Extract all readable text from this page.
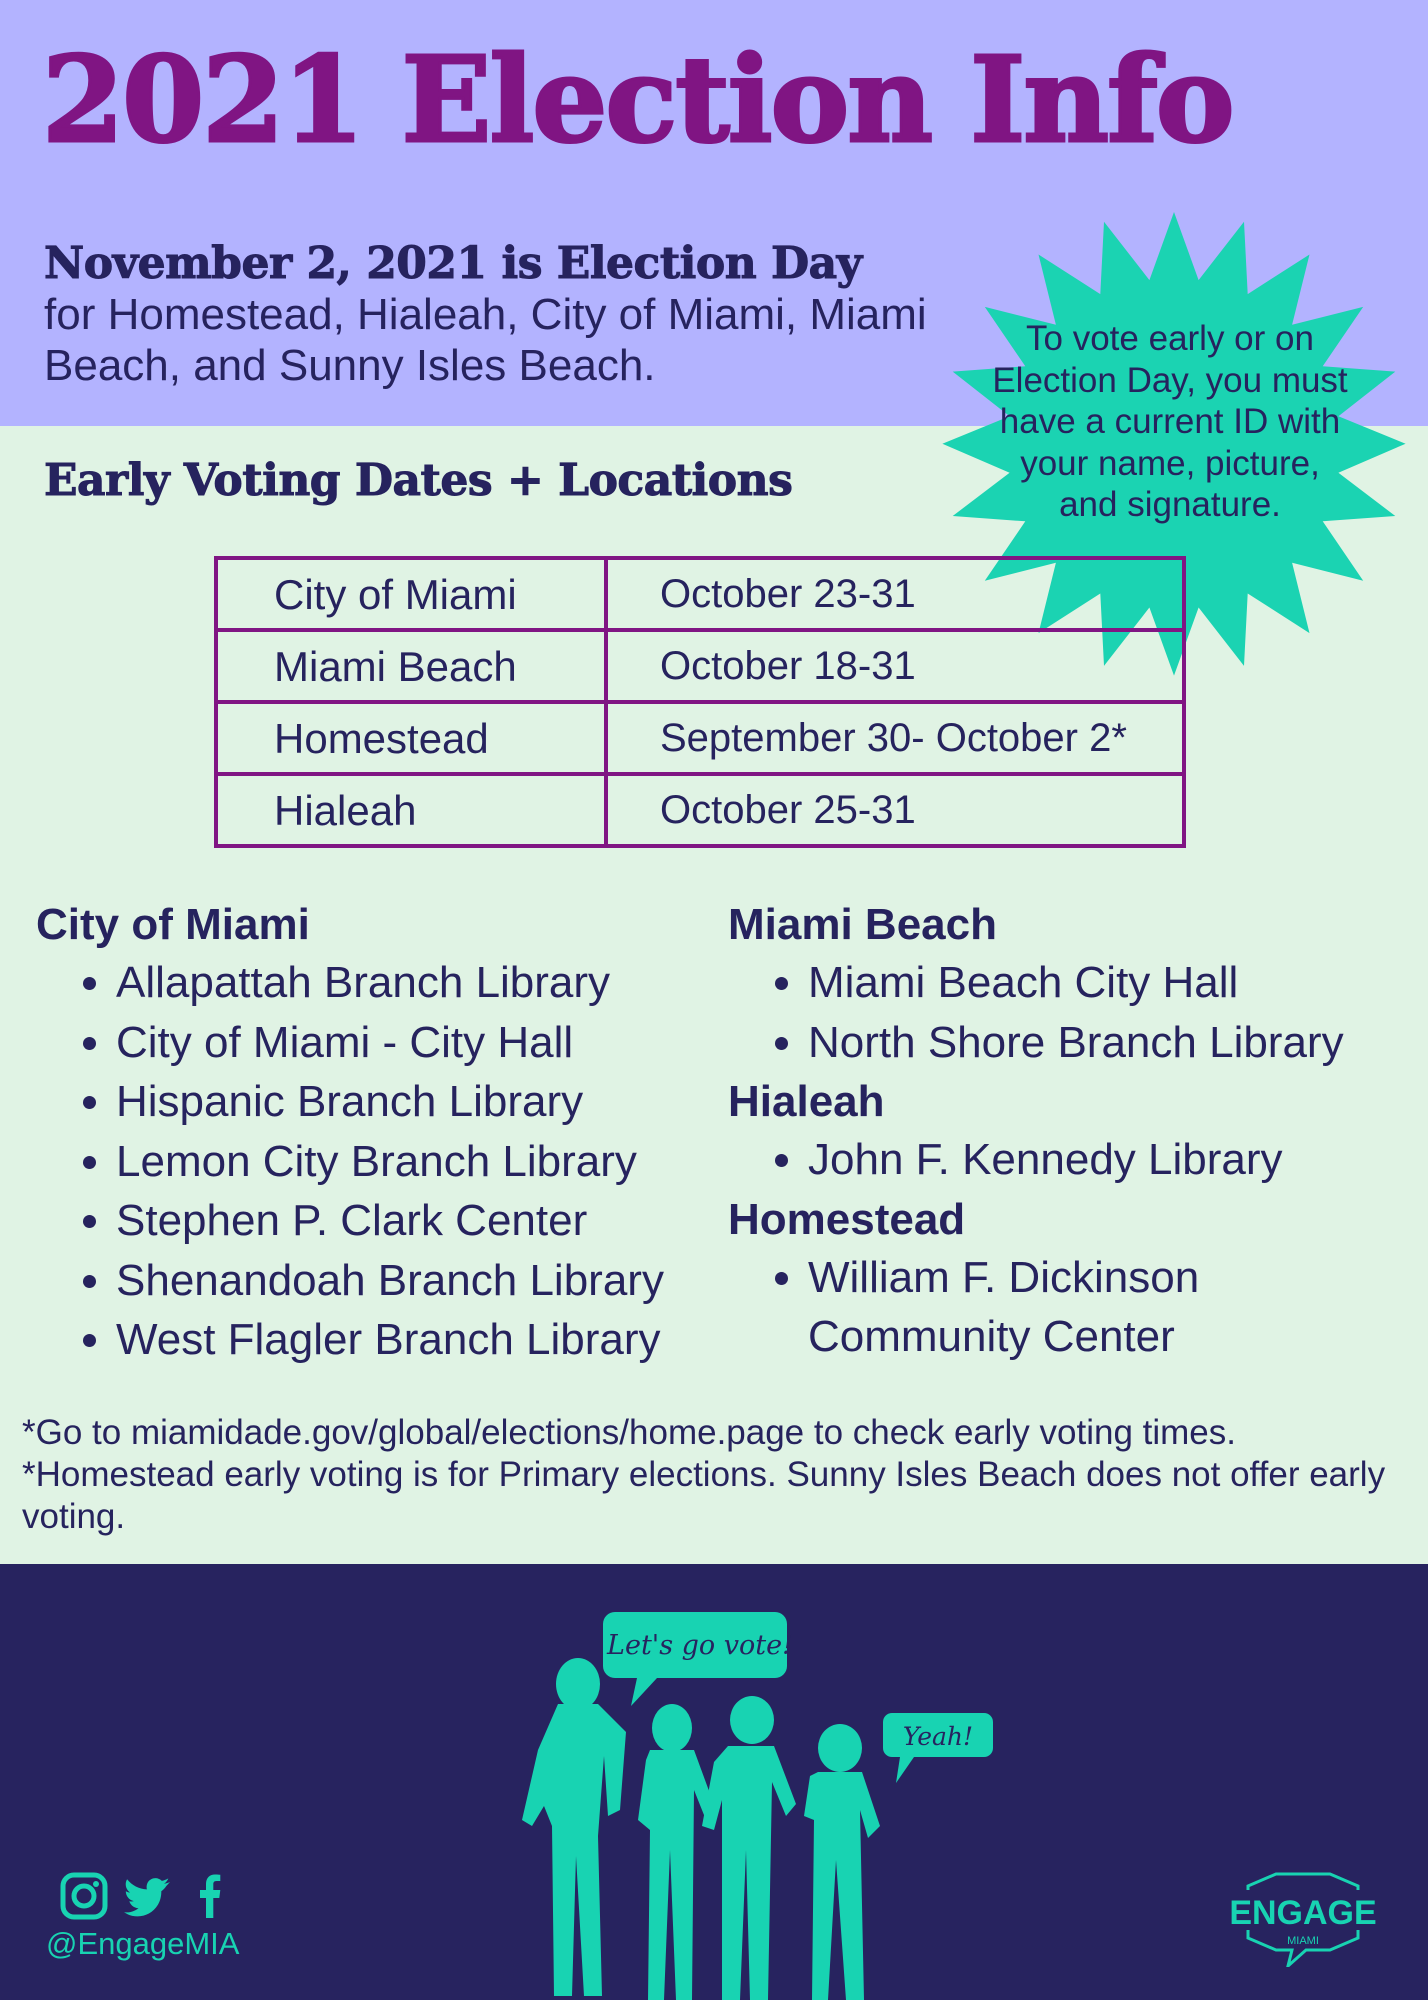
2021 Election Info
November 2, 2021 is Election Day
for Homestead, Hialeah, City of Miami, Miami Beach, and Sunny Isles Beach.
To vote early or on Election Day, you must have a current ID with your name, picture, and signature.
Early Voting Dates + Locations
City of Miami	October 23-31
Miami Beach	October 18-31
Homestead	September 30- October 2*
Hialeah	October 25-31
City of Miami
• Allapattah Branch Library
• City of Miami - City Hall
• Hispanic Branch Library
• Lemon City Branch Library
• Stephen P. Clark Center
• Shenandoah Branch Library
• West Flagler Branch Library
Miami Beach
• Miami Beach City Hall
• North Shore Branch Library
Hialeah
• John F. Kennedy Library
Homestead
• William F. Dickinson Community Center

*Go to miamidade.gov/global/elections/home.page to check early voting times.

*Homestead early voting is for Primary elections. Sunny Isles Beach does not offer early voting.

@EngageMIA
Let's go vote!
Yeah!
ENGAGE
MIAMI
